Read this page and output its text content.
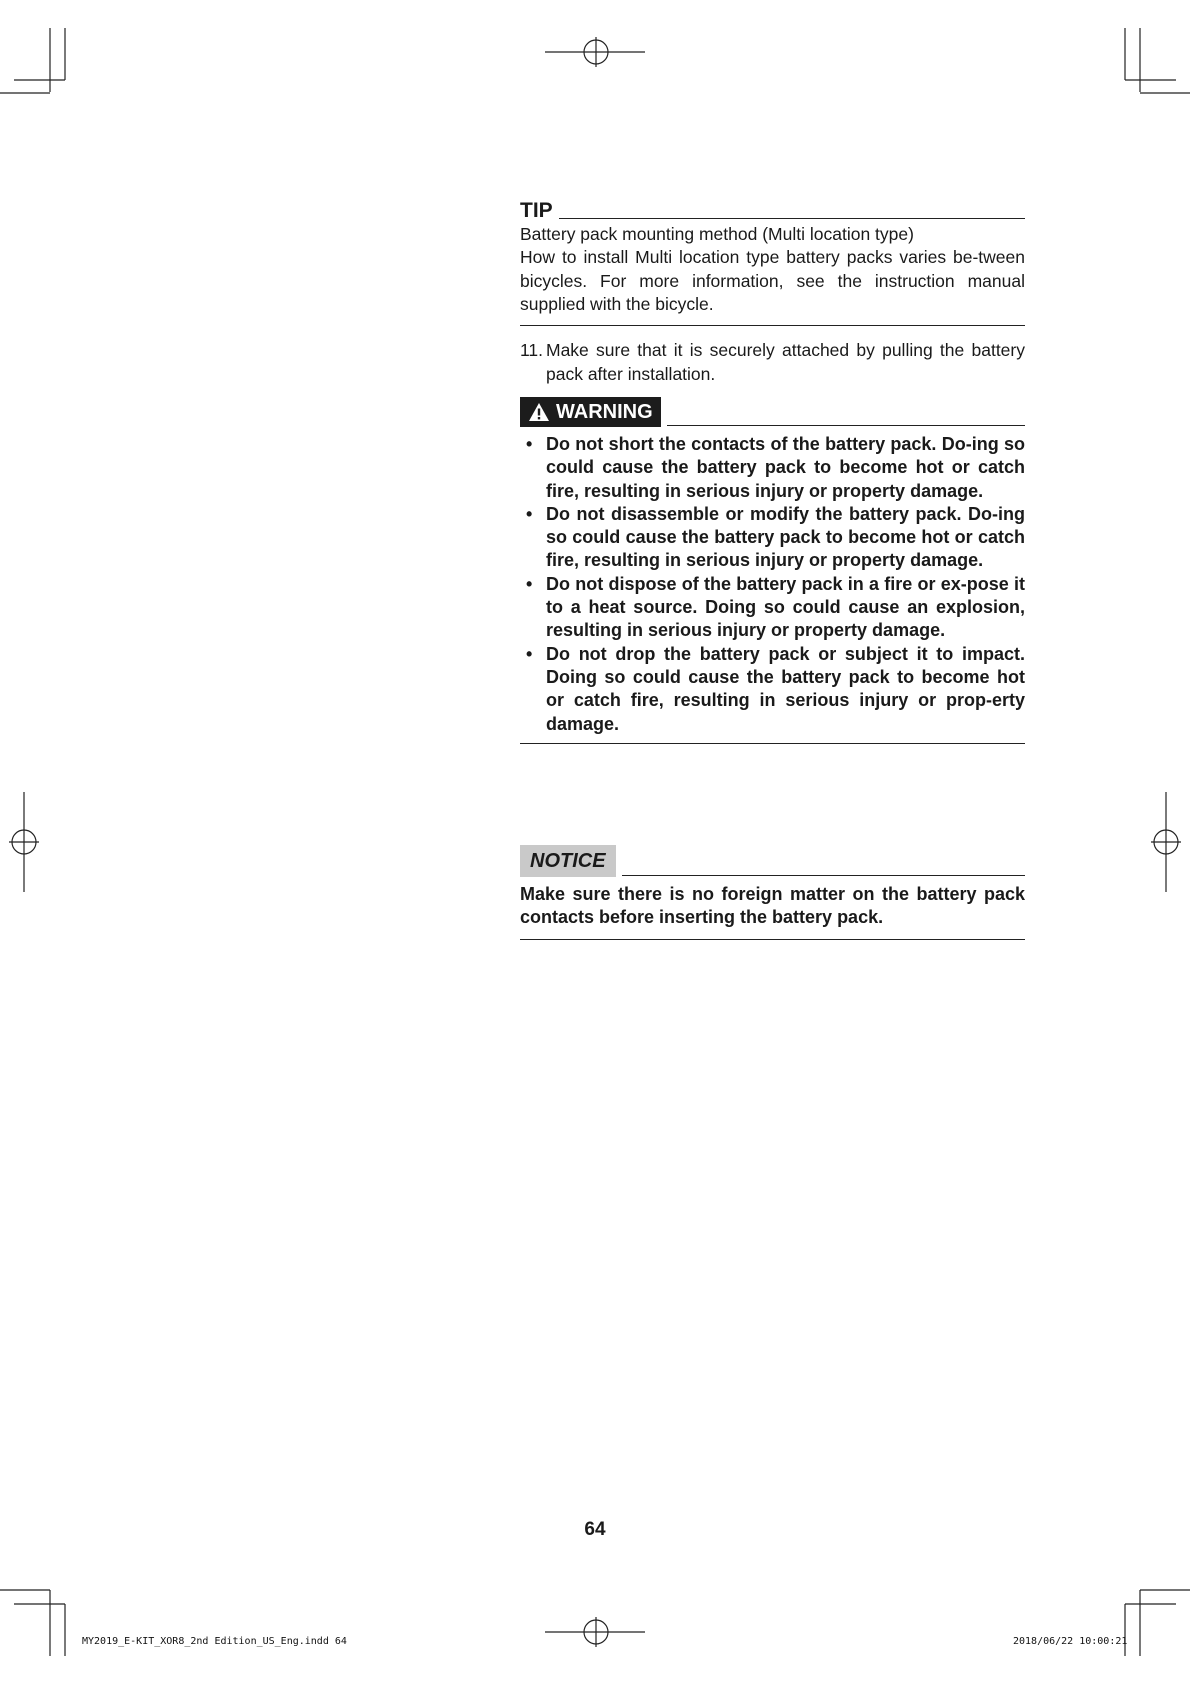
TIP
Battery pack mounting method (Multi location type)
How to install Multi location type battery packs varies be-tween bicycles. For more information, see the instruction manual supplied with the bicycle.
11. Make sure that it is securely attached by pulling the battery pack after installation.
WARNING
• Do not short the contacts of the battery pack. Do-ing so could cause the battery pack to become hot or catch fire, resulting in serious injury or property damage.
• Do not disassemble or modify the battery pack. Do-ing so could cause the battery pack to become hot or catch fire, resulting in serious injury or property damage.
• Do not dispose of the battery pack in a fire or ex-pose it to a heat source. Doing so could cause an explosion, resulting in serious injury or property damage.
• Do not drop the battery pack or subject it to impact. Doing so could cause the battery pack to become hot or catch fire, resulting in serious injury or prop-erty damage.
NOTICE
Make sure there is no foreign matter on the battery pack contacts before inserting the battery pack.
64
MY2019_E-KIT_XOR8_2nd Edition_US_Eng.indd 64	2018/06/22 10:00:21
